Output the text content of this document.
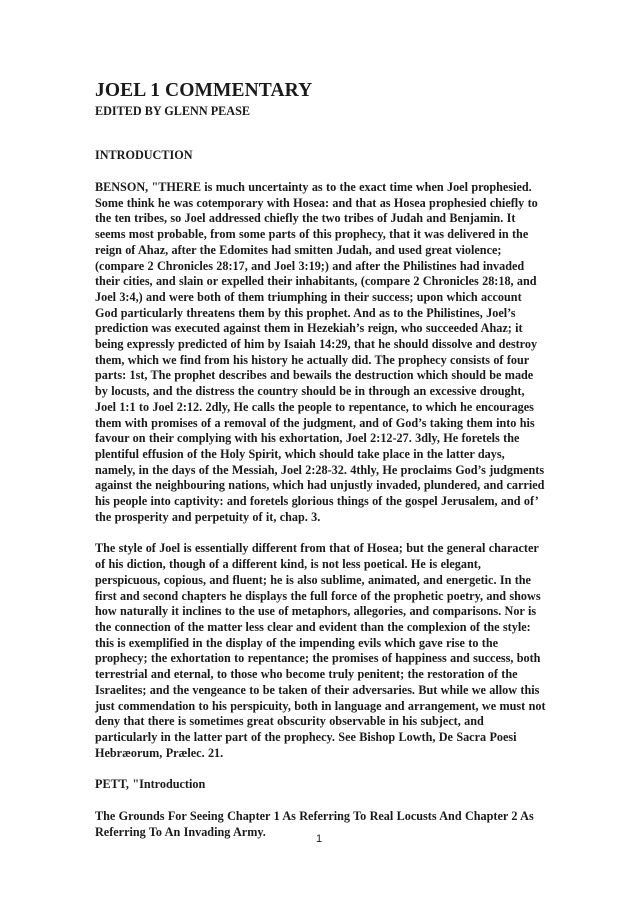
JOEL 1 COMMENTARY
EDITED BY GLENN PEASE
INTRODUCTION

BENSON, "THERE is much uncertainty as to the exact time when Joel prophesied. Some think he was cotemporary with Hosea: and that as Hosea prophesied chiefly to the ten tribes, so Joel addressed chiefly the two tribes of Judah and Benjamin. It seems most probable, from some parts of this prophecy, that it was delivered in the reign of Ahaz, after the Edomites had smitten Judah, and used great violence; (compare 2 Chronicles 28:17, and Joel 3:19;) and after the Philistines had invaded their cities, and slain or expelled their inhabitants, (compare 2 Chronicles 28:18, and Joel 3:4,) and were both of them triumphing in their success; upon which account God particularly threatens them by this prophet. And as to the Philistines, Joel’s prediction was executed against them in Hezekiah’s reign, who succeeded Ahaz; it being expressly predicted of him by Isaiah 14:29, that he should dissolve and destroy them, which we find from his history he actually did. The prophecy consists of four parts: 1st, The prophet describes and bewails the destruction which should be made by locusts, and the distress the country should be in through an excessive drought, Joel 1:1 to Joel 2:12. 2dly, He calls the people to repentance, to which he encourages them with promises of a removal of the judgment, and of God’s taking them into his favour on their complying with his exhortation, Joel 2:12-27. 3dly, He foretels the plentiful effusion of the Holy Spirit, which should take place in the latter days, namely, in the days of the Messiah, Joel 2:28-32. 4thly, He proclaims God’s judgments against the neighbouring nations, which had unjustly invaded, plundered, and carried his people into captivity: and foretels glorious things of the gospel Jerusalem, and of’ the prosperity and perpetuity of it, chap. 3.

The style of Joel is essentially different from that of Hosea; but the general character of his diction, though of a different kind, is not less poetical. He is elegant, perspicuous, copious, and fluent; he is also sublime, animated, and energetic. In the first and second chapters he displays the full force of the prophetic poetry, and shows how naturally it inclines to the use of metaphors, allegories, and comparisons. Nor is the connection of the matter less clear and evident than the complexion of the style: this is exemplified in the display of the impending evils which gave rise to the prophecy; the exhortation to repentance; the promises of happiness and success, both terrestrial and eternal, to those who become truly penitent; the restoration of the Israelites; and the vengeance to be taken of their adversaries. But while we allow this just commendation to his perspicuity, both in language and arrangement, we must not deny that there is sometimes great obscurity observable in his subject, and particularly in the latter part of the prophecy. See Bishop Lowth, De Sacra Poesi Hebræorum, Prælec. 21.

PETT, "Introduction

The Grounds For Seeing Chapter 1 As Referring To Real Locusts And Chapter 2 As Referring To An Invading Army.

1
